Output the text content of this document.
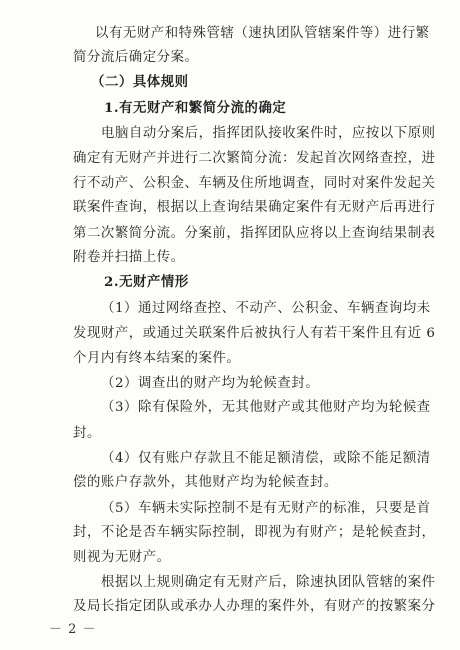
以有无财产和特殊管辖（速执团队管辖案件等）进行繁
简分流后确定分案。
（二）具体规则
1.有无财产和繁简分流的确定
电脑自动分案后，指挥团队接收案件时，应按以下原则
确定有无财产并进行二次繁简分流：发起首次网络查控，进
行不动产、公积金、车辆及住所地调查，同时对案件发起关
联案件查询，根据以上查询结果确定案件有无财产后再进行
第二次繁简分流。分案前，指挥团队应将以上查询结果制表
附卷并扫描上传。
2.无财产情形
（1）通过网络查控、不动产、公积金、车辆查询均未
发现财产，或通过关联案件后被执行人有若干案件且有近 6
个月内有终本结案的案件。
（2）调查出的财产均为轮候查封。
（3）除有保险外，无其他财产或其他财产均为轮候查
封。
（4）仅有账户存款且不能足额清偿，或除不能足额清
偿的账户存款外，其他财产均为轮候查封。
（5）车辆未实际控制不是有无财产的标准，只要是首
封，不论是否车辆实际控制，即视为有财产；是轮候查封，
则视为无财产。
根据以上规则确定有无财产后，除速执团队管辖的案件
及局长指定团队或承办人办理的案件外，有财产的按繁案分
－ 2 －
